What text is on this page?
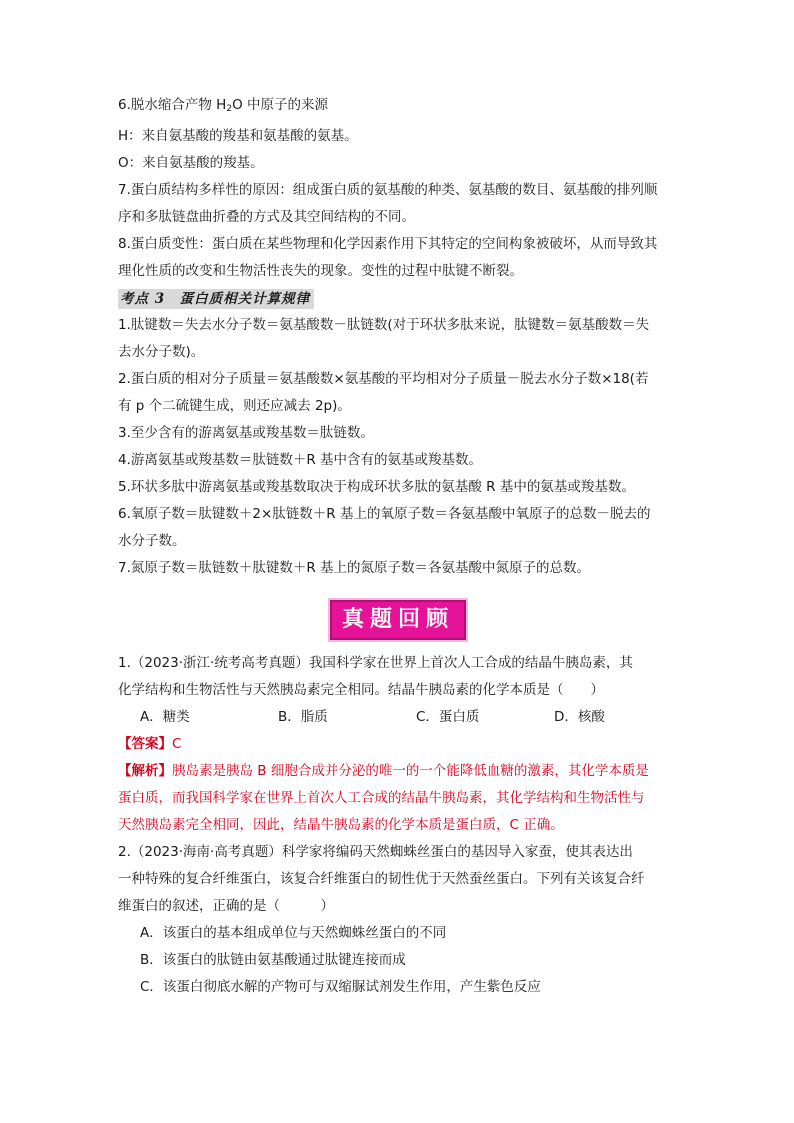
6.脱水缩合产物 $H_2O$ 中原子的来源
H：来自氨基酸的羧基和氨基酸的氨基。
O：来自氨基酸的羧基。
7.蛋白质结构多样性的原因：组成蛋白质的氨基酸的种类、氨基酸的数目、氨基酸的排列顺
序和多肽链盘曲折叠的方式及其空间结构的不同。
8.蛋白质变性：蛋白质在某些物理和化学因素作用下其特定的空间构象被破坏，从而导致其
理化性质的改变和生物活性丧失的现象。变性的过程中肽键不断裂。
考点 3　蛋白质相关计算规律
1.肽键数＝失去水分子数＝氨基酸数－肽链数(对于环状多肽来说，肽键数＝氨基酸数＝失
去水分子数)。
2.蛋白质的相对分子质量＝氨基酸数×氨基酸的平均相对分子质量－脱去水分子数×18(若
有 p 个二硫键生成，则还应减去 2p)。
3.至少含有的游离氨基或羧基数＝肽链数。
4.游离氨基或羧基数＝肽链数＋R 基中含有的氨基或羧基数。
5.环状多肽中游离氨基或羧基数取决于构成环状多肽的氨基酸 R 基中的氨基或羧基数。
6.氧原子数＝肽键数＋2×肽链数＋R 基上的氧原子数＝各氨基酸中氧原子的总数－脱去的
水分子数。
7.氮原子数＝肽链数＋肽键数＋R 基上的氮原子数＝各氨基酸中氮原子的总数。
真题回顾
1.（2023·浙江·统考高考真题）我国科学家在世界上首次人工合成的结晶牛胰岛素，其
化学结构和生物活性与天然胰岛素完全相同。结晶牛胰岛素的化学本质是（　　）
A．糖类	B．脂质	C．蛋白质	D．核酸
【答案】C
【解析】胰岛素是胰岛 B 细胞合成并分泌的唯一的一个能降低血糖的激素，其化学本质是
蛋白质，而我国科学家在世界上首次人工合成的结晶牛胰岛素，其化学结构和生物活性与
天然胰岛素完全相同，因此，结晶牛胰岛素的化学本质是蛋白质，C 正确。
2.（2023·海南·高考真题）科学家将编码天然蜘蛛丝蛋白的基因导入家蚕，使其表达出
一种特殊的复合纤维蛋白，该复合纤维蛋白的韧性优于天然蚕丝蛋白。下列有关该复合纤
维蛋白的叙述，正确的是（　　　）
A．该蛋白的基本组成单位与天然蜘蛛丝蛋白的不同
B．该蛋白的肽链由氨基酸通过肽键连接而成
C．该蛋白彻底水解的产物可与双缩脲试剂发生作用，产生紫色反应
